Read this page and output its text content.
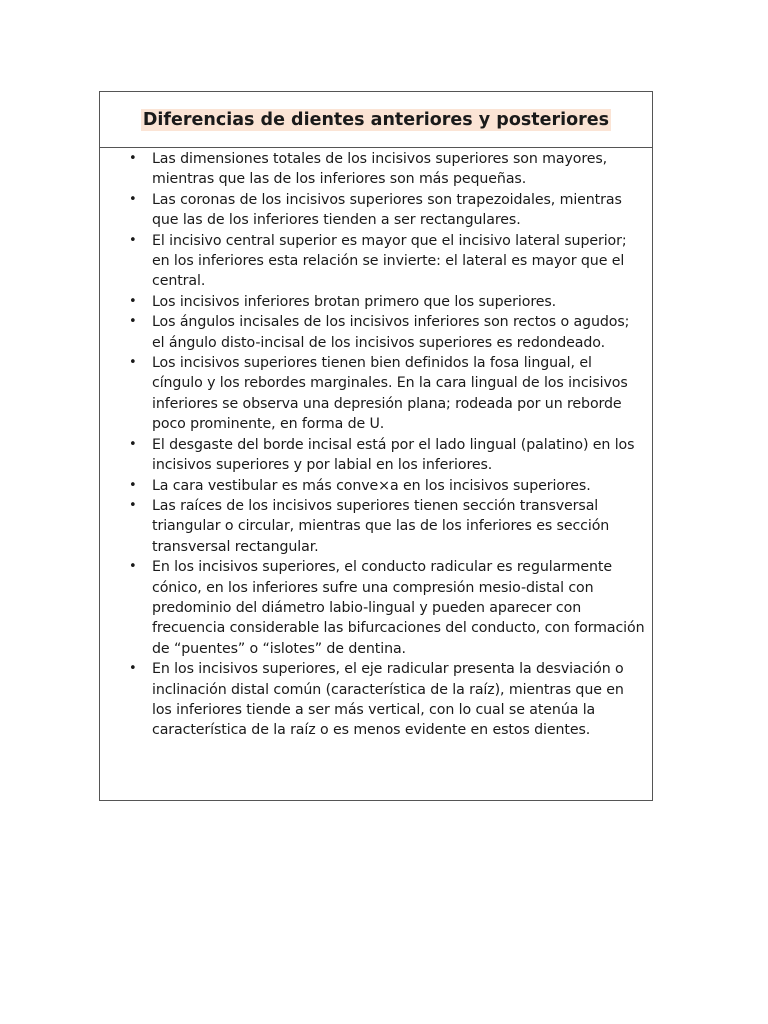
Diferencias de dientes anteriores y posteriores
• Las dimensiones totales de los incisivos superiores son mayores, mientras que las de los inferiores son más pequeñas.
• Las coronas de los incisivos superiores son trapezoidales, mientras que las de los inferiores tienden a ser rectangulares.
• El incisivo central superior es mayor que el incisivo lateral superior; en los inferiores esta relación se invierte: el lateral es mayor que el central.
• Los incisivos inferiores brotan primero que los superiores.
• Los ángulos incisales de los incisivos inferiores son rectos o agudos; el ángulo disto-incisal de los incisivos superiores es redondeado.
• Los incisivos superiores tienen bien definidos la fosa lingual, el cíngulo y los rebordes marginales. En la cara lingual de los incisivos inferiores se observa una depresión plana; rodeada por un reborde poco prominente, en forma de U.
• El desgaste del borde incisal está por el lado lingual (palatino) en los incisivos superiores y por labial en los inferiores.
• La cara vestibular es más conve×a en los incisivos superiores.
• Las raíces de los incisivos superiores tienen sección transversal triangular o circular, mientras que las de los inferiores es sección transversal rectangular.
• En los incisivos superiores, el conducto radicular es regularmente cónico, en los inferiores sufre una compresión mesio-distal con predominio del diámetro labio-lingual y pueden aparecer con frecuencia considerable las bifurcaciones del conducto, con formación de “puentes” o “islotes” de dentina.
• En los incisivos superiores, el eje radicular presenta la desviación o inclinación distal común (característica de la raíz), mientras que en los inferiores tiende a ser más vertical, con lo cual se atenúa la característica de la raíz o es menos evidente en estos dientes.
